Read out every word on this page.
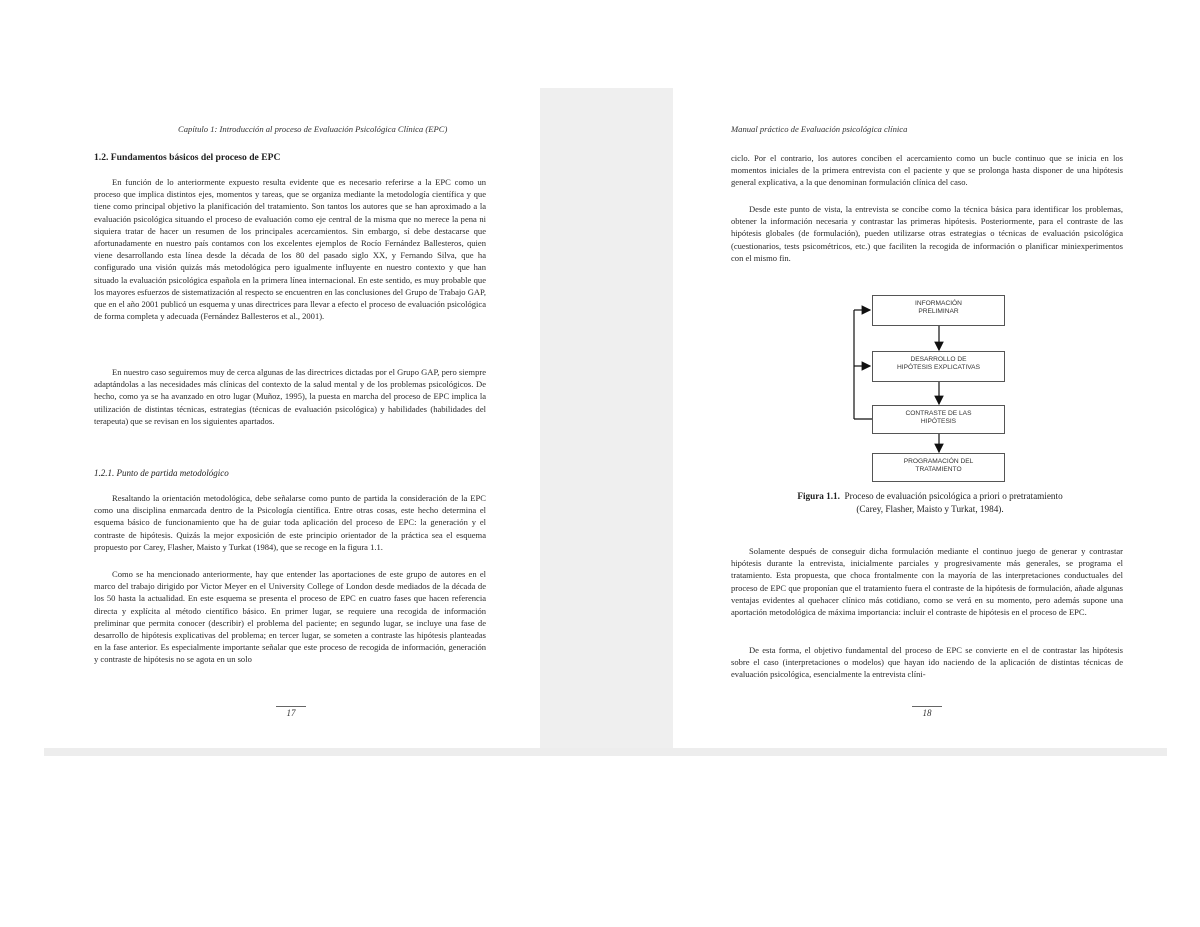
Capítulo 1: Introducción al proceso de Evaluación Psicológica Clínica (EPC)
1.2. Fundamentos básicos del proceso de EPC

En función de lo anteriormente expuesto resulta evidente que es necesario referirse a la EPC como un proceso que implica distintos ejes, momentos y tareas, que se organiza mediante la metodología científica y que tiene como principal objetivo la planificación del tratamiento. Son tantos los autores que se han aproximado a la evaluación psicológica situando el proceso de evaluación como eje central de la misma que no merece la pena ni siquiera tratar de hacer un resumen de los principales acercamientos. Sin embargo, sí debe destacarse que afortunadamente en nuestro país contamos con los excelentes ejemplos de Rocío Fernández Ballesteros, quien viene desarrollando esta línea desde la década de los 80 del pasado siglo XX, y Fernando Silva, que ha configurado una visión quizás más metodológica pero igualmente influyente en nuestro contexto y que han situado la evaluación psicológica española en la primera línea internacional. En este sentido, es muy probable que los mayores esfuerzos de sistematización al respecto se encuentren en las conclusiones del Grupo de Trabajo GAP, que en el año 2001 publicó un esquema y unas directrices para llevar a efecto el proceso de evaluación psicológica de forma completa y adecuada (Fernández Ballesteros et al., 2001).

En nuestro caso seguiremos muy de cerca algunas de las directrices dictadas por el Grupo GAP, pero siempre adaptándolas a las necesidades más clínicas del contexto de la salud mental y de los problemas psicológicos. De hecho, como ya se ha avanzado en otro lugar (Muñoz, 1995), la puesta en marcha del proceso de EPC implica la utilización de distintas técnicas, estrategias (técnicas de evaluación psicológica) y habilidades (habilidades del terapeuta) que se revisan en los siguientes apartados.

1.2.1. Punto de partida metodológico

Resaltando la orientación metodológica, debe señalarse como punto de partida la consideración de la EPC como una disciplina enmarcada dentro de la Psicología científica. Entre otras cosas, este hecho determina el esquema básico de funcionamiento que ha de guiar toda aplicación del proceso de EPC: la generación y el contraste de hipótesis. Quizás la mejor exposición de este principio orientador de la práctica sea el esquema propuesto por Carey, Flasher, Maisto y Turkat (1984), que se recoge en la figura 1.1.

Como se ha mencionado anteriormente, hay que entender las aportaciones de este grupo de autores en el marco del trabajo dirigido por Victor Meyer en el University College of London desde mediados de la década de los 50 hasta la actualidad. En este esquema se presenta el proceso de EPC en cuatro fases que hacen referencia directa y explícita al método científico básico. En primer lugar, se requiere una recogida de información preliminar que permita conocer (describir) el problema del paciente; en segundo lugar, se incluye una fase de desarrollo de hipótesis explicativas del problema; en tercer lugar, se someten a contraste las hipótesis planteadas en la fase anterior. Es especialmente importante señalar que este proceso de recogida de información, generación y contraste de hipótesis no se agota en un solo

17
Manual práctico de Evaluación psicológica clínica

ciclo. Por el contrario, los autores conciben el acercamiento como un bucle continuo que se inicia en los momentos iniciales de la primera entrevista con el paciente y que se prolonga hasta disponer de una hipótesis general explicativa, a la que denominan formulación clínica del caso.

Desde este punto de vista, la entrevista se concibe como la técnica básica para identificar los problemas, obtener la información necesaria y contrastar las primeras hipótesis. Posteriormente, para el contraste de las hipótesis globales (de formulación), pueden utilizarse otras estrategias o técnicas de evaluación psicológica (cuestionarios, tests psicométricos, etc.) que faciliten la recogida de información o planificar miniexperimentos con el mismo fin.

INFORMACIÓN
PRELIMINAR
DESARROLLO DE
HIPÓTESIS EXPLICATIVAS
CONTRASTE DE LAS
HIPÓTESIS
PROGRAMACIÓN DEL
TRATAMIENTO
Figura 1.1. Proceso de evaluación psicológica a priori o pretratamiento
(Carey, Flasher, Maisto y Turkat, 1984).

Solamente después de conseguir dicha formulación mediante el continuo juego de generar y contrastar hipótesis durante la entrevista, inicialmente parciales y progresivamente más generales, se programa el tratamiento. Esta propuesta, que choca frontalmente con la mayoría de las interpretaciones conductuales del proceso de EPC que proponían que el tratamiento fuera el contraste de la hipótesis de formulación, añade algunas ventajas evidentes al quehacer clínico más cotidiano, como se verá en su momento, pero además supone una aportación metodológica de máxima importancia: incluir el contraste de hipótesis en el proceso de EPC.

De esta forma, el objetivo fundamental del proceso de EPC se convierte en el de contrastar las hipótesis sobre el caso (interpretaciones o modelos) que hayan ido naciendo de la aplicación de distintas técnicas de evaluación psicológica, esencialmente la entrevista clíni-

18
